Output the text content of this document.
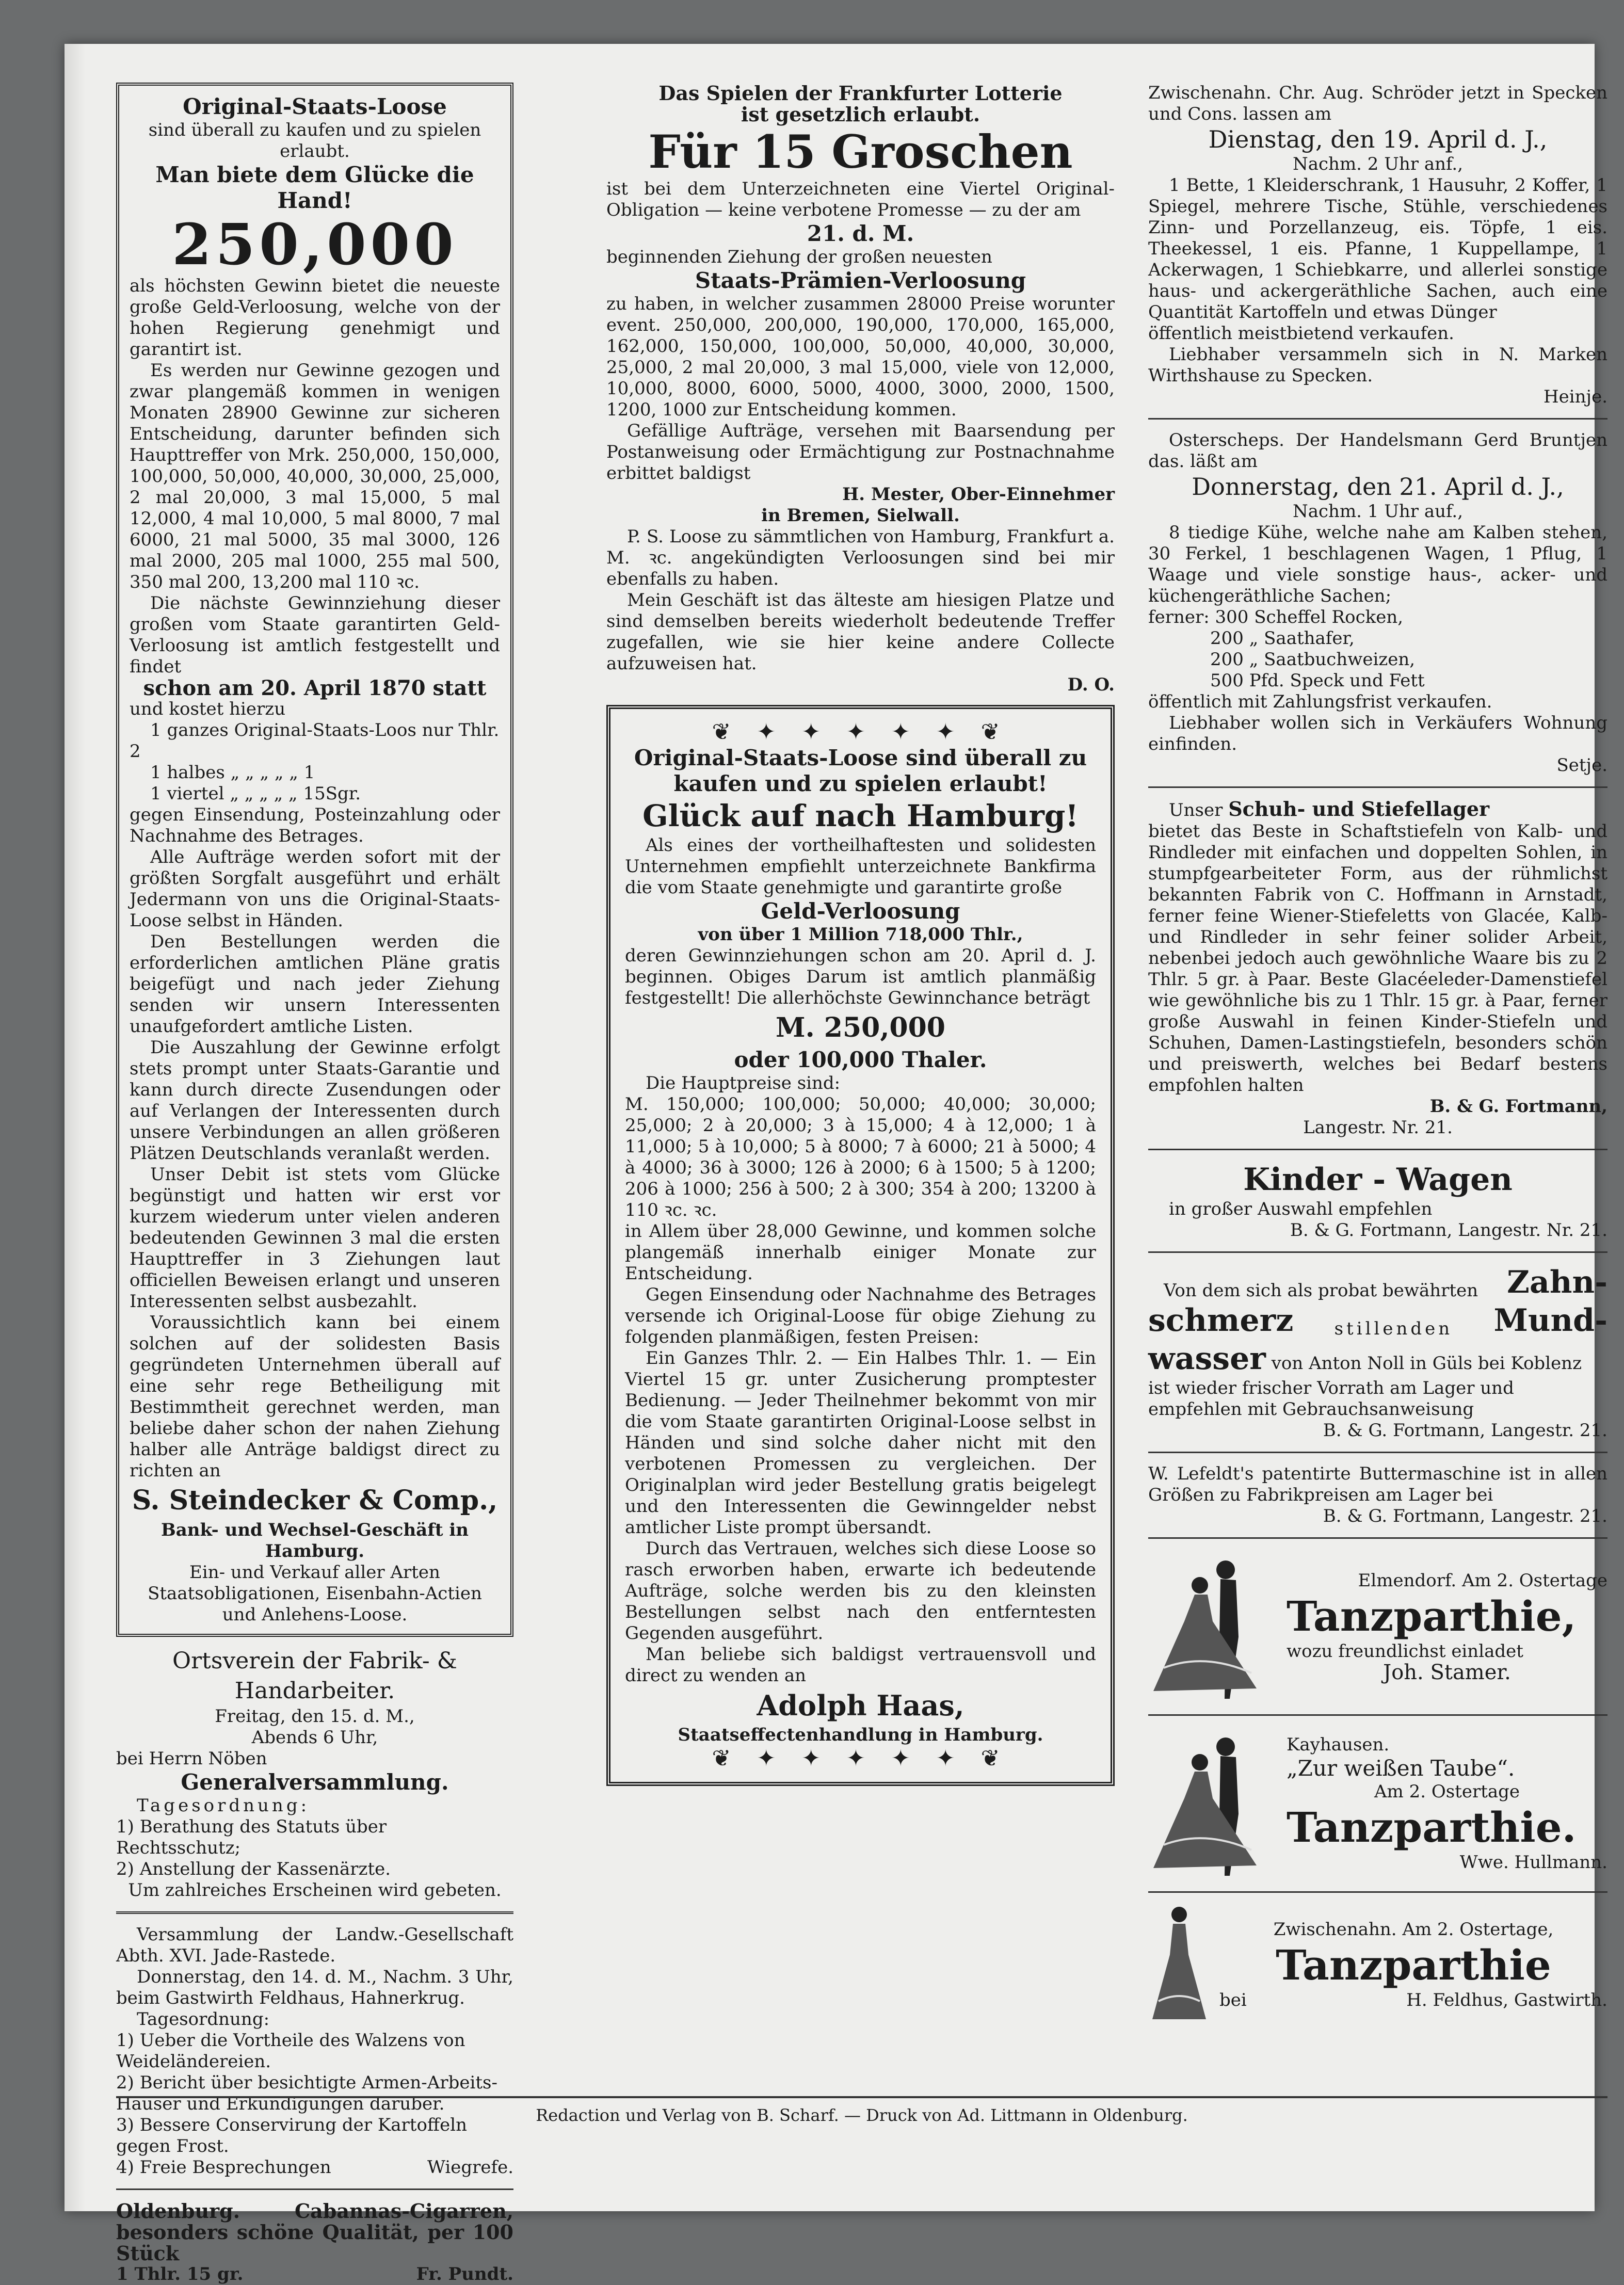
Original-Staats-Loose
sind überall zu kaufen und zu spielen erlaubt.
Man biete dem Glücke die Hand!
250,000

als höchsten Gewinn bietet die neueste große Geld-Verloosung, welche von der hohen Regierung genehmigt und garantirt ist.

Es werden nur Gewinne gezogen und zwar plangemäß kommen in wenigen Monaten 28900 Gewinne zur sicheren Entscheidung, darunter befinden sich Haupttreffer von Mrk. 250,000, 150,000, 100,000, 50,000, 40,000, 30,000, 25,000, 2 mal 20,000, 3 mal 15,000, 5 mal 12,000, 4 mal 10,000, 5 mal 8000, 7 mal 6000, 21 mal 5000, 35 mal 3000, 126 mal 2000, 205 mal 1000, 255 mal 500, 350 mal 200, 13,200 mal 110 ꝛc.

Die nächste Gewinnziehung dieser großen vom Staate garantirten Geld-Verloosung ist amtlich festgestellt und findet

schon am 20. April 1870 statt

und kostet hierzu

1 ganzes Original-Staats-Loos nur Thlr. 2

1 halbes „ „ „ „ „ 1

1 viertel „ „ „ „ „ 15Sgr.

gegen Einsendung, Posteinzahlung oder Nachnahme des Betrages.

Alle Aufträge werden sofort mit der größten Sorgfalt ausgeführt und erhält Jedermann von uns die Original-Staats-Loose selbst in Händen.

Den Bestellungen werden die erforderlichen amtlichen Pläne gratis beigefügt und nach jeder Ziehung senden wir unsern Interessenten unaufgefordert amtliche Listen.

Die Auszahlung der Gewinne erfolgt stets prompt unter Staats-Garantie und kann durch directe Zusendungen oder auf Verlangen der Interessenten durch unsere Verbindungen an allen größeren Plätzen Deutschlands veranlaßt werden.

Unser Debit ist stets vom Glücke begünstigt und hatten wir erst vor kurzem wiederum unter vielen anderen bedeutenden Gewinnen 3 mal die ersten Haupttreffer in 3 Ziehungen laut officiellen Beweisen erlangt und unseren Interessenten selbst ausbezahlt.

Voraussichtlich kann bei einem solchen auf der solidesten Basis gegründeten Unternehmen überall auf eine sehr rege Betheiligung mit Bestimmtheit gerechnet werden, man beliebe daher schon der nahen Ziehung halber alle Anträge baldigst direct zu richten an

S. Steindecker & Comp.,
Bank- und Wechsel-Geschäft in Hamburg.
Ein- und Verkauf aller Arten Staatsobligationen, Eisenbahn-Actien und Anlehens-Loose.
Ortsverein der Fabrik- & Handarbeiter.
Freitag, den 15. d. M.,
Abends 6 Uhr,
bei Herrn Nöben
Generalversammlung.
Tagesordnung:
1) Berathung des Statuts über Rechtsschutz;
2) Anstellung der Kassenärzte.
Um zahlreiches Erscheinen wird gebeten.

Versammlung der Landw.-Gesellschaft Abth. XVI. Jade-Rastede.

Donnerstag, den 14. d. M., Nachm. 3 Uhr, beim Gastwirth Feldhaus, Hahnerkrug.

Tagesordnung:
1) Ueber die Vortheile des Walzens von Weideländereien.
2) Bericht über besichtigte Armen-Arbeits-Häuser und Erkundigungen darüber.
3) Bessere Conservirung der Kartoffeln gegen Frost.
4) Freie Besprechungen	Wiegrefe.

Oldenburg. Cabannas-Cigarren, besonders schöne Qualität, per 100 Stück

1 Thlr. 15 gr.	Fr. Pundt.
Das Spielen der Frankfurter Lotterie
ist gesetzlich erlaubt.
Für 15 Groschen

ist bei dem Unterzeichneten eine Viertel Original-Obligation — keine verbotene Promesse — zu der am

21. d. M.

beginnenden Ziehung der großen neuesten

Staats-Prämien-Verloosung

zu haben, in welcher zusammen 28000 Preise worunter event. 250,000, 200,000, 190,000, 170,000, 165,000, 162,000, 150,000, 100,000, 50,000, 40,000, 30,000, 25,000, 2 mal 20,000, 3 mal 15,000, viele von 12,000, 10,000, 8000, 6000, 5000, 4000, 3000, 2000, 1500, 1200, 1000 zur Entscheidung kommen.

Gefällige Aufträge, versehen mit Baarsendung per Postanweisung oder Ermächtigung zur Postnachnahme erbittet baldigst

H. Mester, Ober-Einnehmer
in Bremen, Sielwall.

P. S. Loose zu sämmtlichen von Hamburg, Frankfurt a. M. ꝛc. angekündigten Verloosungen sind bei mir ebenfalls zu haben.

Mein Geschäft ist das älteste am hiesigen Platze und sind demselben bereits wiederholt bedeutende Treffer zugefallen, wie sie hier keine andere Collecte aufzuweisen hat.

D. O.
❦ ✦ ✦ ✦ ✦ ✦ ❦
Original-Staats-Loose sind überall zu kaufen und zu spielen erlaubt!
Glück auf nach Hamburg!

Als eines der vortheilhaftesten und solidesten Unternehmen empfiehlt unterzeichnete Bankfirma die vom Staate genehmigte und garantirte große

Geld-Verloosung
von über 1 Million 718,000 Thlr.,

deren Gewinnziehungen schon am 20. April d. J. beginnen. Obiges Darum ist amtlich planmäßig festgestellt! Die allerhöchste Gewinnchance beträgt

M. 250,000
oder 100,000 Thaler.

Die Hauptpreise sind:

M. 150,000; 100,000; 50,000; 40,000; 30,000; 25,000; 2 à 20,000; 3 à 15,000; 4 à 12,000; 1 à 11,000; 5 à 10,000; 5 à 8000; 7 à 6000; 21 à 5000; 4 à 4000; 36 à 3000; 126 à 2000; 6 à 1500; 5 à 1200; 206 à 1000; 256 à 500; 2 à 300; 354 à 200; 13200 à 110 ꝛc. ꝛc.

in Allem über 28,000 Gewinne, und kommen solche plangemäß innerhalb einiger Monate zur Entscheidung.

Gegen Einsendung oder Nachnahme des Betrages versende ich Original-Loose für obige Ziehung zu folgenden planmäßigen, festen Preisen:

Ein Ganzes Thlr. 2. — Ein Halbes Thlr. 1. — Ein Viertel 15 gr. unter Zusicherung promptester Bedienung. — Jeder Theilnehmer bekommt von mir die vom Staate garantirten Original-Loose selbst in Händen und sind solche daher nicht mit den verbotenen Promessen zu vergleichen. Der Originalplan wird jeder Bestellung gratis beigelegt und den Interessenten die Gewinngelder nebst amtlicher Liste prompt übersandt.

Durch das Vertrauen, welches sich diese Loose so rasch erworben haben, erwarte ich bedeutende Aufträge, solche werden bis zu den kleinsten Bestellungen selbst nach den entferntesten Gegenden ausgeführt.

Man beliebe sich baldigst vertrauensvoll und direct zu wenden an

Adolph Haas,
Staatseffectenhandlung in Hamburg.
❦ ✦ ✦ ✦ ✦ ✦ ❦

Zwischenahn. Chr. Aug. Schröder jetzt in Specken und Cons. lassen am

Dienstag, den 19. April d. J.,
Nachm. 2 Uhr anf.,

1 Bette, 1 Kleiderschrank, 1 Hausuhr, 2 Koffer, 1 Spiegel, mehrere Tische, Stühle, verschiedenes Zinn- und Porzellanzeug, eis. Töpfe, 1 eis. Theekessel, 1 eis. Pfanne, 1 Kuppellampe, 1 Ackerwagen, 1 Schiebkarre, und allerlei sonstige haus- und ackergeräthliche Sachen, auch eine Quantität Kartoffeln und etwas Dünger

öffentlich meistbietend verkaufen.

Liebhaber versammeln sich in N. Marken Wirthshause zu Specken.

Heinje.

Osterscheps. Der Handelsmann Gerd Bruntjen das. läßt am

Donnerstag, den 21. April d. J.,
Nachm. 1 Uhr auf.,

8 tiedige Kühe, welche nahe am Kalben stehen, 30 Ferkel, 1 beschlagenen Wagen, 1 Pflug, 1 Waage und viele sonstige haus-, acker- und küchengeräthliche Sachen;

ferner: 300 Scheffel Rocken,

200 „ Saathafer,

200 „ Saatbuchweizen,

500 Pfd. Speck und Fett

öffentlich mit Zahlungsfrist verkaufen.

Liebhaber wollen sich in Verkäufers Wohnung einfinden.

Setje.

Unser Schuh- und Stiefellager

bietet das Beste in Schaftstiefeln von Kalb- und Rindleder mit einfachen und doppelten Sohlen, in stumpfgearbeiteter Form, aus der rühmlichst bekannten Fabrik von C. Hoffmann in Arnstadt, ferner feine Wiener-Stiefeletts von Glacée, Kalb- und Rindleder in sehr feiner solider Arbeit, nebenbei jedoch auch gewöhnliche Waare bis zu 2 Thlr. 5 gr. à Paar. Beste Glacéeleder-Damenstiefel wie gewöhnliche bis zu 1 Thlr. 15 gr. à Paar, ferner große Auswahl in feinen Kinder-Stiefeln und Schuhen, Damen-Lastingstiefeln, besonders schön und preiswerth, welches bei Bedarf bestens empfohlen halten

B. & G. Fortmann,
Langestr. Nr. 21.
Kinder - Wagen

in großer Auswahl empfehlen

B. & G. Fortmann, Langestr. Nr. 21.
Von dem sich als probat bewährten Zahn-
schmerz stillenden Mund-

wasser von Anton Noll in Güls bei Koblenz ist wieder frischer Vorrath am Lager und empfehlen mit Gebrauchsanweisung

B. & G. Fortmann, Langestr. 21.

W. Lefeldt's patentirte Buttermaschine ist in allen Größen zu Fabrikpreisen am Lager bei

B. & G. Fortmann, Langestr. 21.
Elmendorf. Am 2. Ostertage
Tanzparthie,
wozu freundlichst einladet
Joh. Stamer.
Kayhausen.
„Zur weißen Taube“.
Am 2. Ostertage
Tanzparthie.
Wwe. Hullmann.
Zwischenahn. Am 2. Ostertage,
Tanzparthie
bei	H. Feldhus, Gastwirth.
Redaction und Verlag von B. Scharf. — Druck von Ad. Littmann in Oldenburg.
